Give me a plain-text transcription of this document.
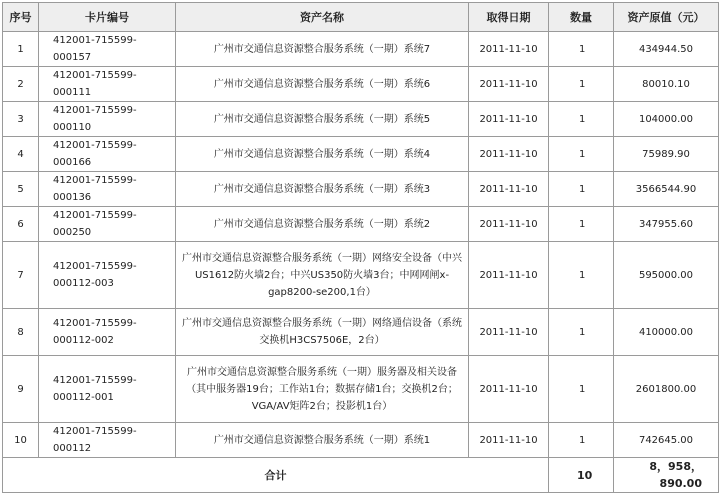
序号	卡片编号	资产名称	取得日期	数量	资产原值（元）
1	412001-715599-000157	广州市交通信息资源整合服务系统（一期）系统7	2011-11-10	1	434944.50
2	412001-715599-000111	广州市交通信息资源整合服务系统（一期）系统6	2011-11-10	1	80010.10
3	412001-715599-000110	广州市交通信息资源整合服务系统（一期）系统5	2011-11-10	1	104000.00
4	412001-715599-000166	广州市交通信息资源整合服务系统（一期）系统4	2011-11-10	1	75989.90
5	412001-715599-000136	广州市交通信息资源整合服务系统（一期）系统3	2011-11-10	1	3566544.90
6	412001-715599-000250	广州市交通信息资源整合服务系统（一期）系统2	2011-11-10	1	347955.60
7	412001-715599-000112-003	广州市交通信息资源整合服务系统（一期）网络安全设备（中兴US1612防火墙2台；中兴US350防火墙3台；中网网闸x-gap8200-se200,1台）	2011-11-10	1	595000.00
8	412001-715599-000112-002	广州市交通信息资源整合服务系统（一期）网络通信设备（系统交换机H3CS7506E，2台）	2011-11-10	1	410000.00
9	412001-715599-000112-001	广州市交通信息资源整合服务系统（一期）服务器及相关设备（其中服务器19台；工作站1台；数据存储1台；交换机2台；VGA/AV矩阵2台；投影机1台）	2011-11-10	1	2601800.00
10	412001-715599-000112	广州市交通信息资源整合服务系统（一期）系统1	2011-11-10	1	742645.00
合计				10	8，958，890.00
